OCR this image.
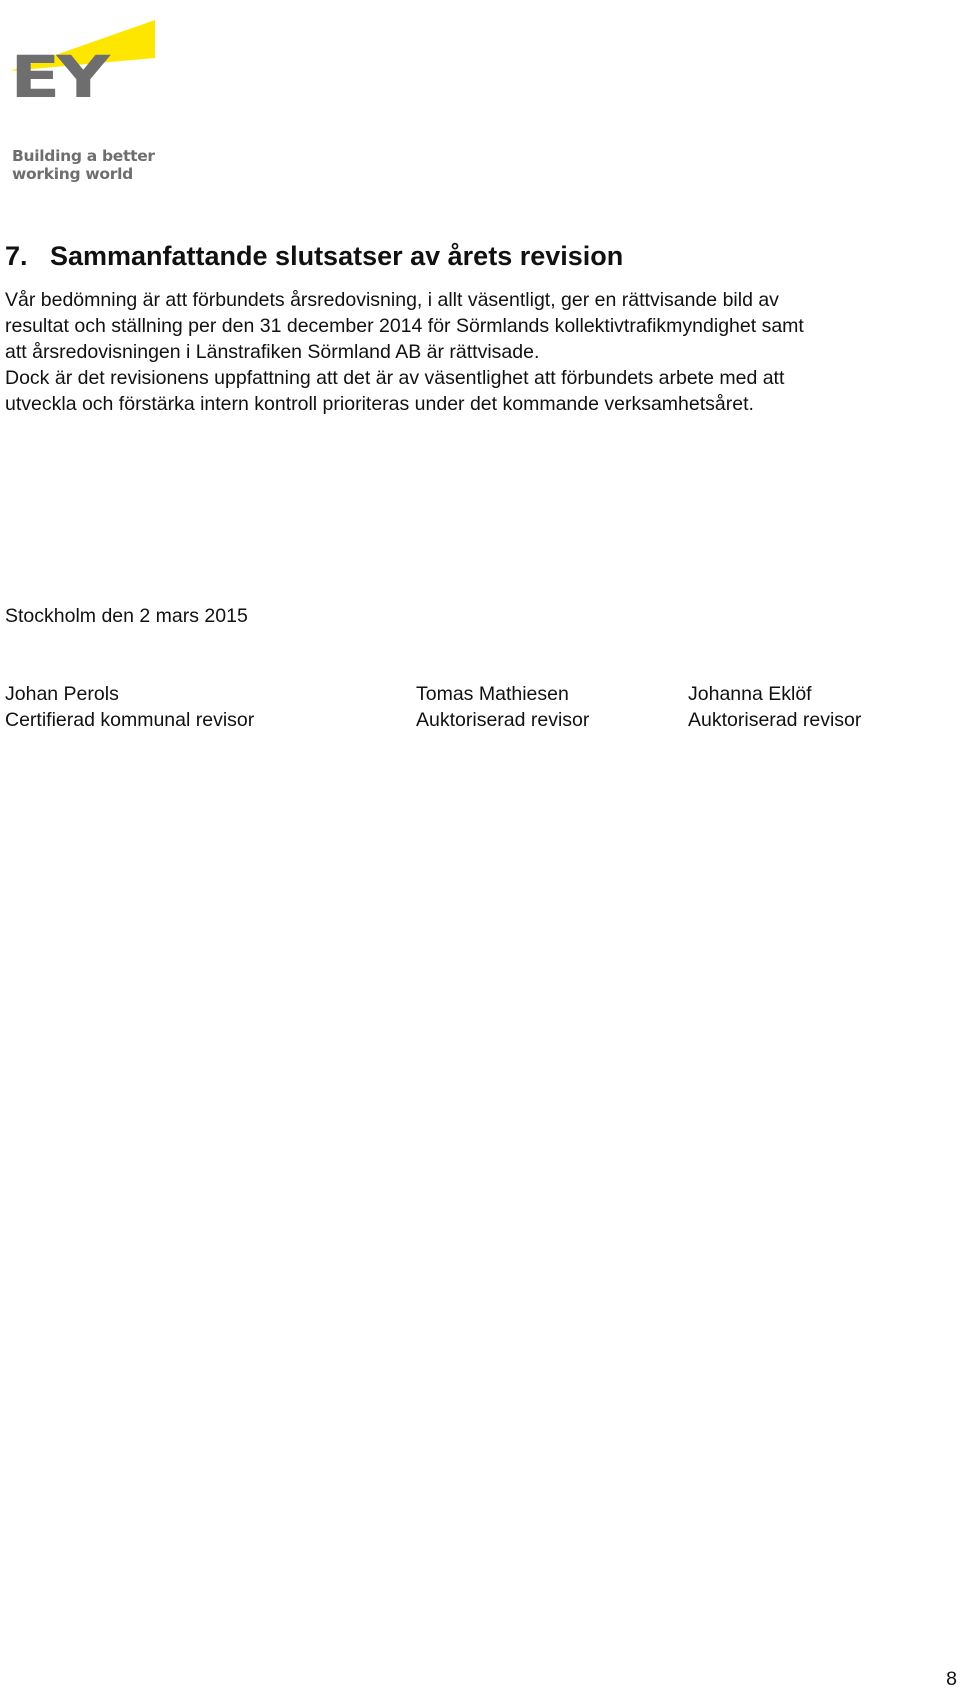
EY
Building a better
working world
7. Sammanfattande slutsatser av årets revision

Vår bedömning är att förbundets årsredovisning, i allt väsentligt, ger en rättvisande bild av
resultat och ställning per den 31 december 2014 för Sörmlands kollektivtrafikmyndighet samt
att årsredovisningen i Länstrafiken Sörmland AB är rättvisade.
Dock är det revisionens uppfattning att det är av väsentlighet att förbundets arbete med att
utveckla och förstärka intern kontroll prioriteras under det kommande verksamhetsåret.

Stockholm den 2 mars 2015
Johan Perols
Certifierad kommunal revisor
Tomas Mathiesen
Auktoriserad revisor
Johanna Eklöf
Auktoriserad revisor
8
